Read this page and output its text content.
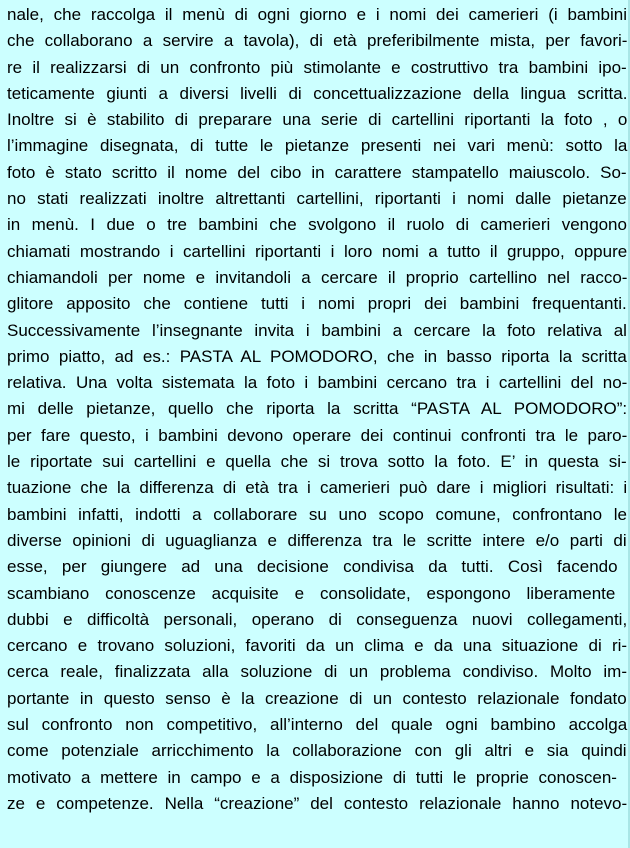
nale, che raccolga il menù di ogni giorno e i nomi dei camerieri (i bambini
che collaborano a servire a tavola), di età preferibilmente mista, per favori-
re il realizzarsi di un confronto più stimolante e costruttivo tra bambini ipo-
teticamente giunti a diversi livelli di concettualizzazione della lingua scritta.
Inoltre si è stabilito di preparare una serie di cartellini riportanti la foto , o
l’immagine disegnata, di tutte le pietanze presenti nei vari menù: sotto la
foto è stato scritto il nome del cibo in carattere stampatello maiuscolo. So-
no stati realizzati inoltre altrettanti cartellini, riportanti i nomi dalle pietanze
in menù. I due o tre bambini che svolgono il ruolo di camerieri vengono
chiamati mostrando i cartellini riportanti i loro nomi a tutto il gruppo, oppure
chiamandoli per nome e invitandoli a cercare il proprio cartellino nel racco-
glitore apposito che contiene tutti i nomi propri dei bambini frequentanti.
Successivamente l’insegnante invita i bambini a cercare la foto relativa al
primo piatto, ad es.: PASTA AL POMODORO, che in basso riporta la scritta
relativa. Una volta sistemata la foto i bambini cercano tra i cartellini del no-
mi delle pietanze, quello che riporta la scritta “PASTA AL POMODORO”:
per fare questo, i bambini devono operare dei continui confronti tra le paro-
le riportate sui cartellini e quella che si trova sotto la foto. E’ in questa si-
tuazione che la differenza di età tra i camerieri può dare i migliori risultati: i
bambini infatti, indotti a collaborare su uno scopo comune, confrontano le
diverse opinioni di uguaglianza e differenza tra le scritte intere e/o parti di
esse, per giungere ad una decisione condivisa da tutti. Così facendo
scambiano conoscenze acquisite e consolidate, espongono liberamente
dubbi e difficoltà personali, operano di conseguenza nuovi collegamenti,
cercano e trovano soluzioni, favoriti da un clima e da una situazione di ri-
cerca reale, finalizzata alla soluzione di un problema condiviso. Molto im-
portante in questo senso è la creazione di un contesto relazionale fondato
sul confronto non competitivo, all’interno del quale ogni bambino accolga
come potenziale arricchimento la collaborazione con gli altri e sia quindi
motivato a mettere in campo e a disposizione di tutti le proprie conoscen-
ze e competenze. Nella “creazione” del contesto relazionale hanno notevo-
